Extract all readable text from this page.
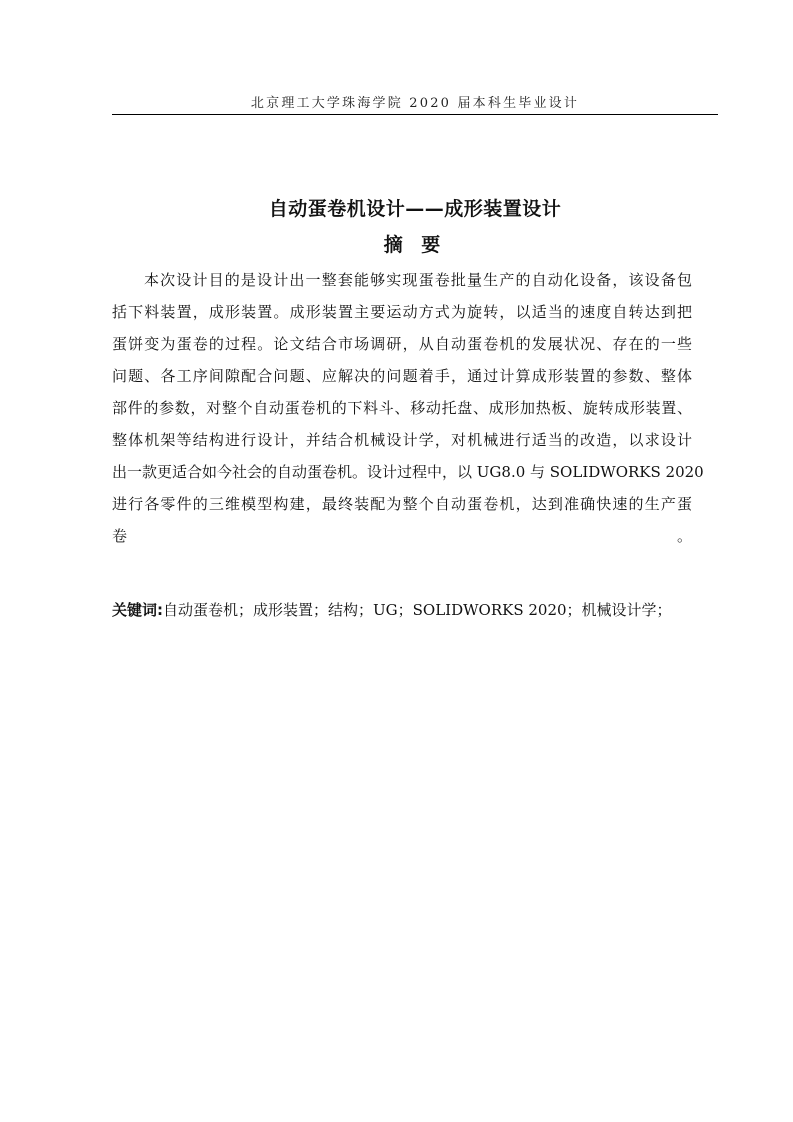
北京理工大学珠海学院 2020 届本科生毕业设计
自动蛋卷机设计——成形装置设计
摘 要
本次设计目的是设计出一整套能够实现蛋卷批量生产的自动化设备，该设备包
括下料装置，成形装置。成形装置主要运动方式为旋转，以适当的速度自转达到把
蛋饼变为蛋卷的过程。论文结合市场调研，从自动蛋卷机的发展状况、存在的一些
问题、各工序间隙配合问题、应解决的问题着手，通过计算成形装置的参数、整体
部件的参数，对整个自动蛋卷机的下料斗、移动托盘、成形加热板、旋转成形装置、
整体机架等结构进行设计，并结合机械设计学，对机械进行适当的改造，以求设计
出一款更适合如今社会的自动蛋卷机。设计过程中，以 UG8.0 与 SOLIDWORKS 2020
进行各零件的三维模型构建，最终装配为整个自动蛋卷机，达到准确快速的生产蛋
卷。
关键词:自动蛋卷机；成形装置；结构；UG；SOLIDWORKS 2020；机械设计学；
